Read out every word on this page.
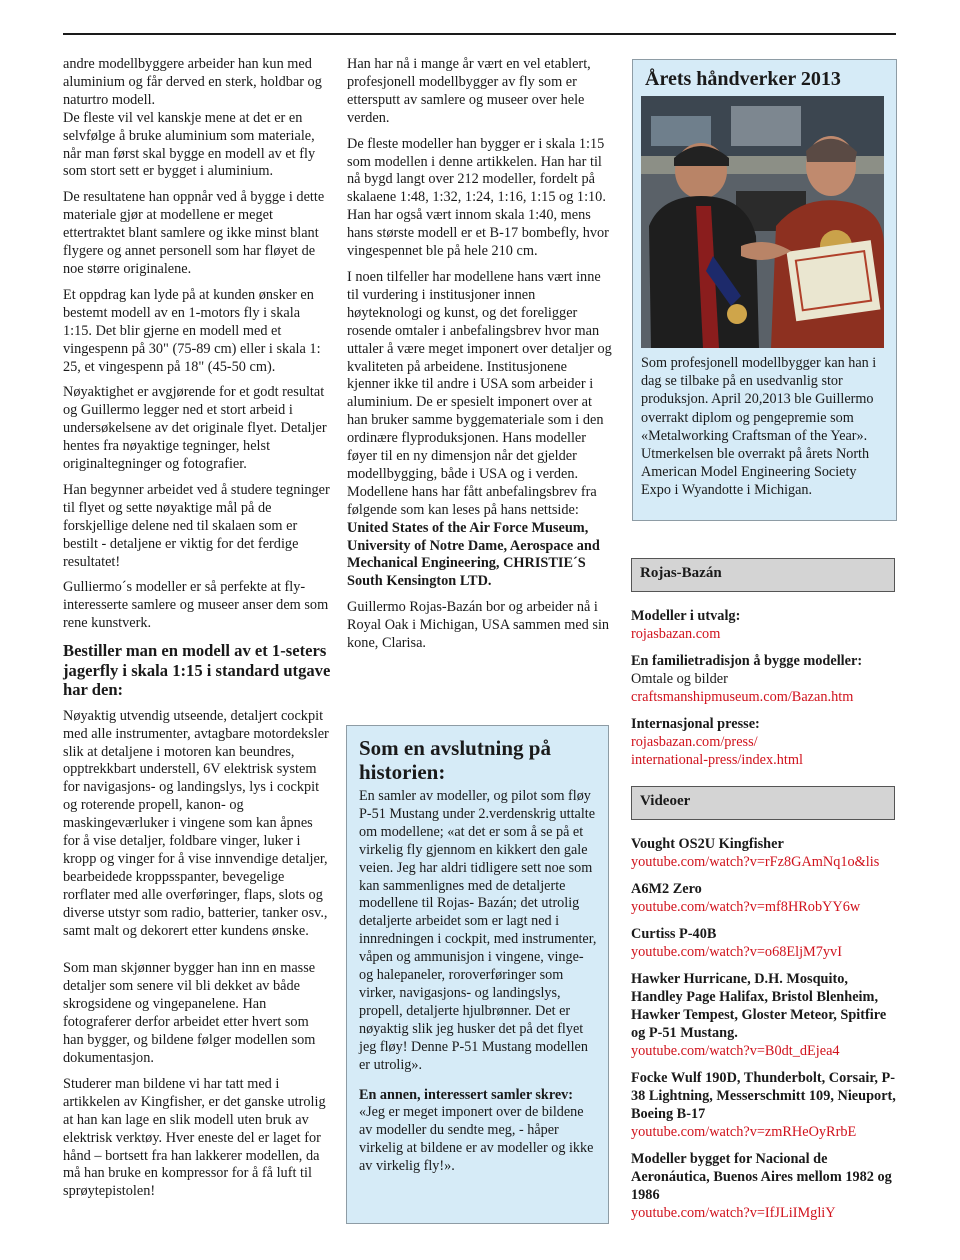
andre modellbyggere arbeider han kun med aluminium og får derved en sterk, holdbar og naturtro modell.

De fleste vil vel kanskje mene at det er en selvfølge å bruke aluminium som materiale, når man først skal bygge en modell av et fly som stort sett er bygget i aluminium.

De resultatene han oppnår ved å bygge i dette materiale gjør at modellene er meget ettertraktet blant samlere og ikke minst blant flygere og annet personell som har fløyet de noe større originalene.

Et oppdrag kan lyde på at kunden ønsker en bestemt modell av en 1-motors fly i skala 1:15. Det blir gjerne en modell med et vingespenn på 30" (75-89 cm) eller i skala 1: 25, et vingespenn på 18" (45-50 cm).

Nøyaktighet er avgjørende for et godt resultat og Guillermo legger ned et stort arbeid i undersøkelsene av det originale flyet. Detaljer hentes fra nøyaktige tegninger, helst originaltegninger og fotografier.

Han begynner arbeidet ved å studere tegninger til flyet og sette nøyaktige mål på de forskjellige delene ned til skalaen som er bestilt - detaljene er viktig for det ferdige resultatet!

Gulliermo´s modeller er så perfekte at fly-interesserte samlere og museer anser dem som rene kunstverk.

Bestiller man en modell av et 1-seters jagerfly i skala 1:15 i standard utgave har den:

Nøyaktig utvendig utseende, detaljert cockpit med alle instrumenter, avtagbare motordeksler slik at detaljene i motoren kan beundres, opptrekkbart understell, 6V elektrisk system for navigasjons- og landingslys, lys i cockpit og roterende propell, kanon- og maskingeværluker i vingene som kan åpnes for å vise detaljer, foldbare vinger, luker i kropp og vinger for å vise innvendige detaljer, bearbeidede kroppsspanter, bevegelige rorflater med alle overføringer, flaps, slots og diverse utstyr som radio, batterier, tanker osv., samt malt og dekorert etter kundens ønske.

Som man skjønner bygger han inn en masse detaljer som senere vil bli dekket av både skrogsidene og vingepanelene. Han fotograferer derfor arbeidet etter hvert som han bygger, og bildene følger modellen som dokumentasjon.

Studerer man bildene vi har tatt med i artikkelen av Kingfisher, er det ganske utrolig at han kan lage en slik modell uten bruk av elektrisk verktøy. Hver eneste del er laget for hånd – bortsett fra han lakkerer modellen, da må han bruke en kompressor for å få luft til sprøytepistolen!

Han har nå i mange år vært en vel etablert, profesjonell modellbygger av fly som er ettersputt av samlere og museer over hele verden.

De fleste modeller han bygger er i skala 1:15 som modellen i denne artikkelen. Han har til nå bygd langt over 212 modeller, fordelt på skalaene 1:48, 1:32, 1:24, 1:16, 1:15 og 1:10. Han har også vært innom skala 1:40, mens hans største modell er et B-17 bombefly, hvor vingespennet ble på hele 210 cm.

I noen tilfeller har modellene hans vært inne til vurdering i institusjoner innen høyteknologi og kunst, og det foreligger rosende omtaler i anbefalingsbrev hvor man uttaler å være meget imponert over detaljer og kvaliteten på arbeidene. Institusjonene kjenner ikke til andre i USA som arbeider i aluminium. De er spesielt imponert over at han bruker samme byggemateriale som i den ordinære flyproduksjonen. Hans modeller føyer til en ny dimensjon når det gjelder modellbygging, både i USA og i verden.

Modellene hans har fått anbefalingsbrev fra følgende som kan leses på hans nettside:

United States of the Air Force Museum, University of Notre Dame, Aerospace and Mechanical Engineering, CHRISTIE´S South Kensington LTD.

Guillermo Rojas-Bazán bor og arbeider nå i Royal Oak i Michigan, USA sammen med sin kone, Clarisa.

Som en avslutning på historien:

En samler av modeller, og pilot som fløy P-51 Mustang under 2.verdenskrig uttalte om modellene; «at det er som å se på et virkelig fly gjennom en kikkert den gale veien. Jeg har aldri tidligere sett noe som kan sammenlignes med de detaljerte modellene til Rojas- Bazán; det utrolig detaljerte arbeidet som er lagt ned i innredningen i cockpit, med instrumenter, våpen og ammunisjon i vingene, vinge- og halepaneler, roroverføringer som virker, navigasjons- og landingslys, propell, detaljerte hjulbrønner. Det er nøyaktig slik jeg husker det på det flyet jeg fløy! Denne P-51 Mustang modellen er utrolig».

En annen, interessert samler skrev:

«Jeg er meget imponert over de bildene av modeller du sendte meg, - håper virkelig at bildene er av modeller og ikke av virkelig fly!».

Årets håndverker 2013

Som profesjonell modellbygger kan han i dag se tilbake på en usedvanlig stor produksjon. April 20,2013 ble Guillermo overrakt diplom og pengepremie som «Metalworking Craftsman of the Year». Utmerkelsen ble overrakt på årets North American Model Engineering Society Expo i Wyandotte i Michigan.

Rojas-Bazán
Modeller i utvalg:
rojasbazan.com
En familietradisjon å bygge modeller:
Omtale og bilder
craftsmanshipmuseum.com/Bazan.htm
Internasjonal presse:
rojasbazan.com/press/ international-press/index.html
Videoer
Vought OS2U Kingfisher
youtube.com/watch?v=rFz8GAmNq1o&lis
A6M2 Zero
youtube.com/watch?v=mf8HRobYY6w
Curtiss P-40B
youtube.com/watch?v=o68EljM7yvI
Hawker Hurricane, D.H. Mosquito, Handley Page Halifax, Bristol Blenheim, Hawker Tempest, Gloster Meteor, Spitfire og P-51 Mustang.
youtube.com/watch?v=B0dt_dEjea4
Focke Wulf 190D, Thunderbolt, Corsair, P-38 Lightning, Messerschmitt 109, Nieuport, Boeing B-17
youtube.com/watch?v=zmRHeOyRrbE
Modeller bygget for Nacional de Aeronáutica, Buenos Aires mellom 1982 og 1986
youtube.com/watch?v=IfJLiIMgliY
